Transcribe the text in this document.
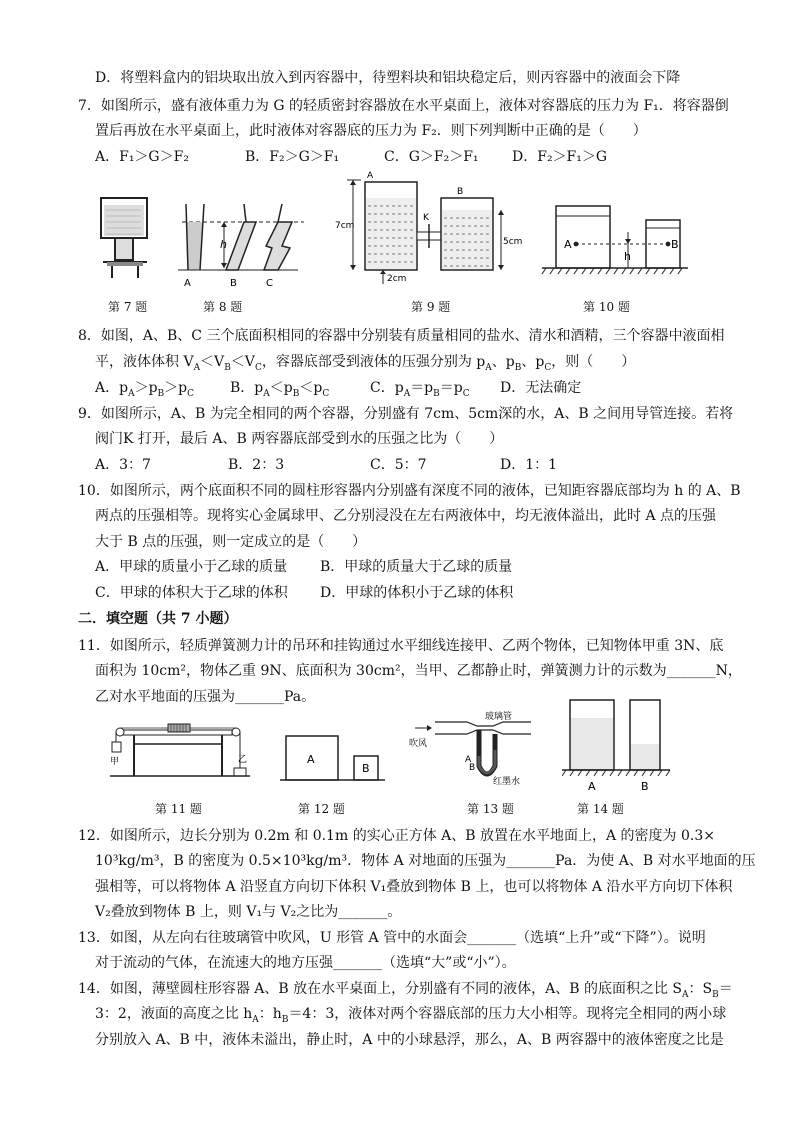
D．将塑料盒内的铝块取出放入到丙容器中，待塑料块和铝块稳定后，则丙容器中的液面会下降
7．如图所示，盛有液体重力为 G 的轻质密封容器放在水平桌面上，液体对容器底的压力为 F₁．将容器倒
置后再放在水平桌面上，此时液体对容器底的压力为 F₂．则下列判断中正确的是（　　）
A．F₁＞G＞F₂	B．F₂＞G＞F₁	C．G＞F₂＞F₁ D．F₂＞F₁＞G
第 7 题
h
A	B	C
第 8 题
7cm
A
K
B
5cm
2cm
第 9 题
A	B
h
第 10 题
8．如图，A、B、C 三个底面积相同的容器中分别装有质量相同的盐水、清水和酒精，三个容器中液面相
平，液体体积 $V_A<V_B<V_C$，容器底部受到液体的压强分别为 $p_A$、$p_B$、$p_C$，则（　　）
A．$p_A>p_B>p_C$	B．$p_A<p_B<p_C$	C．$p_A=p_B=p_C$ D．无法确定
9．如图所示，A、B 为完全相同的两个容器，分别盛有 7cm、5cm深的水，A、B 之间用导管连接。若将
阀门K 打开，最后 A、B 两容器底部受到水的压强之比为（　　）
A．3：7	B．2：3	C．5：7	D．1：1
10．如图所示，两个底面积不同的圆柱形容器内分别盛有深度不同的液体，已知距容器底部均为 h 的 A、B
两点的压强相等。现将实心金属球甲、乙分别浸没在左右两液体中，均无液体溢出，此时 A 点的压强
大于 B 点的压强，则一定成立的是（　　）
A．甲球的质量小于乙球的质量 B．甲球的质量大于乙球的质量
C．甲球的体积大于乙球的体积 D．甲球的体积小于乙球的体积
二．填空题（共 7 小题）
11．如图所示，轻质弹簧测力计的吊环和挂钩通过水平细线连接甲、乙两个物体，已知物体甲重 3N、底
面积为 10cm²，物体乙重 9N、底面积为 30cm²，当甲、乙都静止时，弹簧测力计的示数为_______N，
乙对水平地面的压强为_______Pa。
甲	乙
第 11 题
A
B
第 12 题
玻璃管
吹风
A
B
红墨水
第 13 题
A	B
第 14 题
12．如图所示，边长分别为 0.2m 和 0.1m 的实心正方体 A、B 放置在水平地面上，A 的密度为 0.3×
10³kg/m³，B 的密度为 0.5×10³kg/m³．物体 A 对地面的压强为_______Pa．为使 A、B 对水平地面的压
强相等，可以将物体 A 沿竖直方向切下体积 V₁叠放到物体 B 上，也可以将物体 A 沿水平方向切下体积
V₂叠放到物体 B 上，则 V₁与 V₂之比为_______。
13．如图，从左向右往玻璃管中吹风，U 形管 A 管中的水面会_______（选填“上升”或“下降”）。说明
对于流动的气体，在流速大的地方压强_______（选填“大”或“小”）。
14．如图，薄壁圆柱形容器 A、B 放在水平桌面上，分别盛有不同的液体，A、B 的底面积之比 $S_A$：$S_B=$
3：2，液面的高度之比 $h_A$：$h_B=4$：3，液体对两个容器底部的压力大小相等。现将完全相同的两小球
分别放入 A、B 中，液体未溢出，静止时，A 中的小球悬浮，那么，A、B 两容器中的液体密度之比是
